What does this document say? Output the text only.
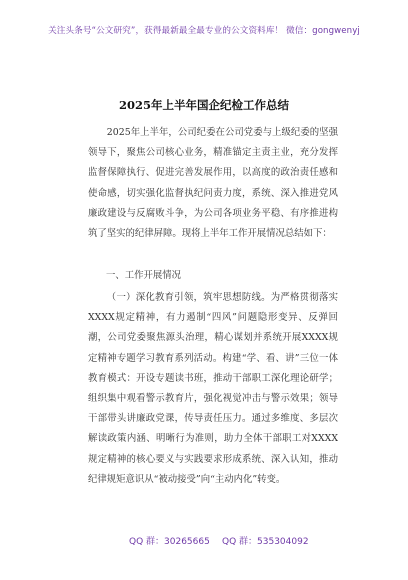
关注头条号“公文研究”，获得最新最全最专业的公文资料库！ 微信：gongwenyj
2025年上半年国企纪检工作总结
2025年上半年，公司纪委在公司党委与上级纪委的坚强领导下，聚焦公司核心业务，精准锚定主责主业，充分发挥监督保障执行、促进完善发展作用，以高度的政治责任感和使命感，切实强化监督执纪问责力度，系统、深入推进党风廉政建设与反腐败斗争，为公司各项业务平稳、有序推进构筑了坚实的纪律屏障。现将上半年工作开展情况总结如下：
一、工作开展情况
（一）深化教育引领，筑牢思想防线。为严格贯彻落实XXXX规定精神，有力遏制“四风”问题隐形变异、反弹回潮，公司党委聚焦源头治理，精心谋划并系统开展XXXX规定精神专题学习教育系列活动。构建“学、看、讲”三位一体教育模式：开设专题读书班，推动干部职工深化理论研学；组织集中观看警示教育片，强化视觉冲击与警示效果；领导干部带头讲廉政党课，传导责任压力。通过多维度、多层次解读政策内涵、明晰行为准则，助力全体干部职工对XXXX规定精神的核心要义与实践要求形成系统、深入认知，推动纪律规矩意识从“被动接受”向“主动内化”转变。
QQ 群：30265665 QQ 群：535304092
